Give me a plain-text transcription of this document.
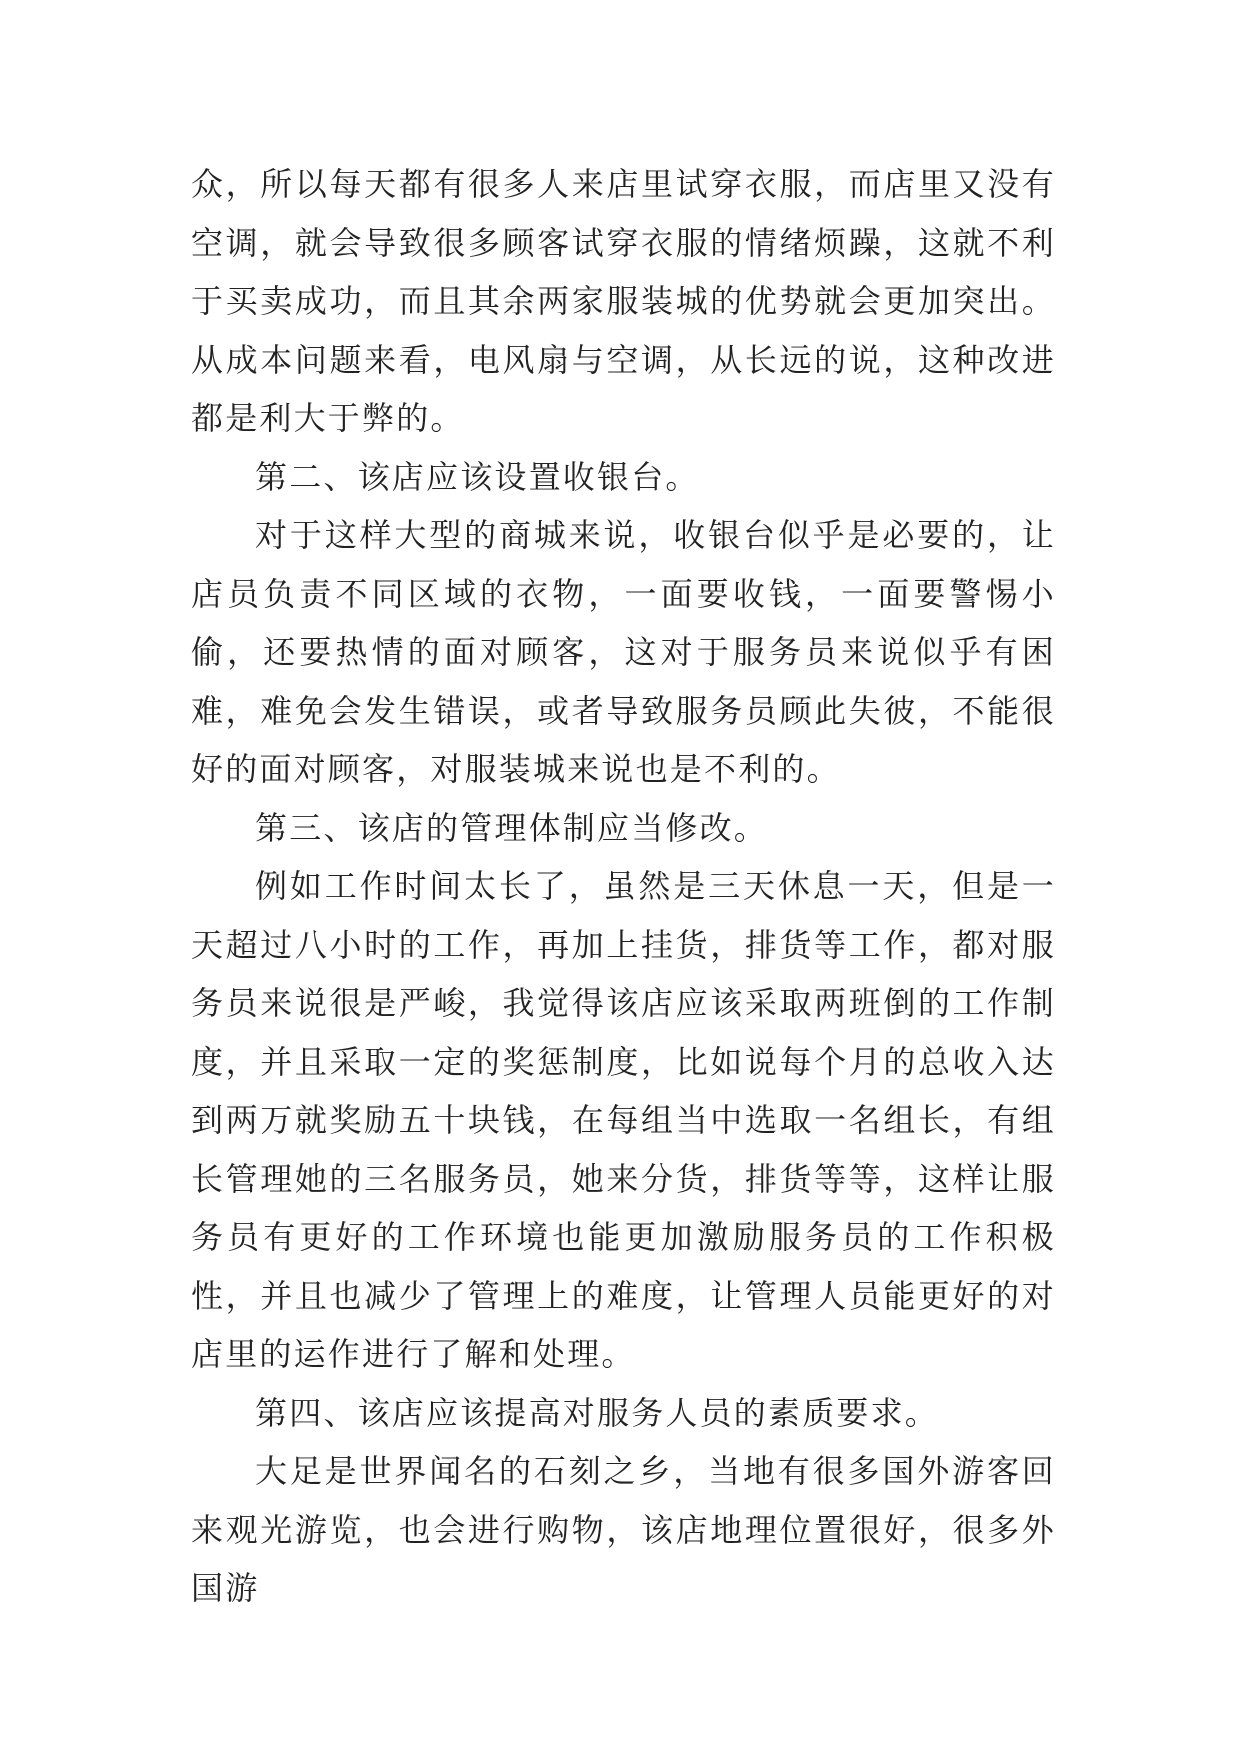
众，所以每天都有很多人来店里试穿衣服，而店里又没有空调，就会导致很多顾客试穿衣服的情绪烦躁，这就不利于买卖成功，而且其余两家服装城的优势就会更加突出。从成本问题来看，电风扇与空调，从长远的说，这种改进都是利大于弊的。

第二、该店应该设置收银台。

对于这样大型的商城来说，收银台似乎是必要的，让店员负责不同区域的衣物，一面要收钱，一面要警惕小偷，还要热情的面对顾客，这对于服务员来说似乎有困难，难免会发生错误，或者导致服务员顾此失彼，不能很好的面对顾客，对服装城来说也是不利的。

第三、该店的管理体制应当修改。

例如工作时间太长了，虽然是三天休息一天，但是一天超过八小时的工作，再加上挂货，排货等工作，都对服务员来说很是严峻，我觉得该店应该采取两班倒的工作制度，并且采取一定的奖惩制度，比如说每个月的总收入达到两万就奖励五十块钱，在每组当中选取一名组长，有组长管理她的三名服务员，她来分货，排货等等，这样让服务员有更好的工作环境也能更加激励服务员的工作积极性，并且也减少了管理上的难度，让管理人员能更好的对店里的运作进行了解和处理。

第四、该店应该提高对服务人员的素质要求。

大足是世界闻名的石刻之乡，当地有很多国外游客回来观光游览，也会进行购物，该店地理位置很好，很多外国游
